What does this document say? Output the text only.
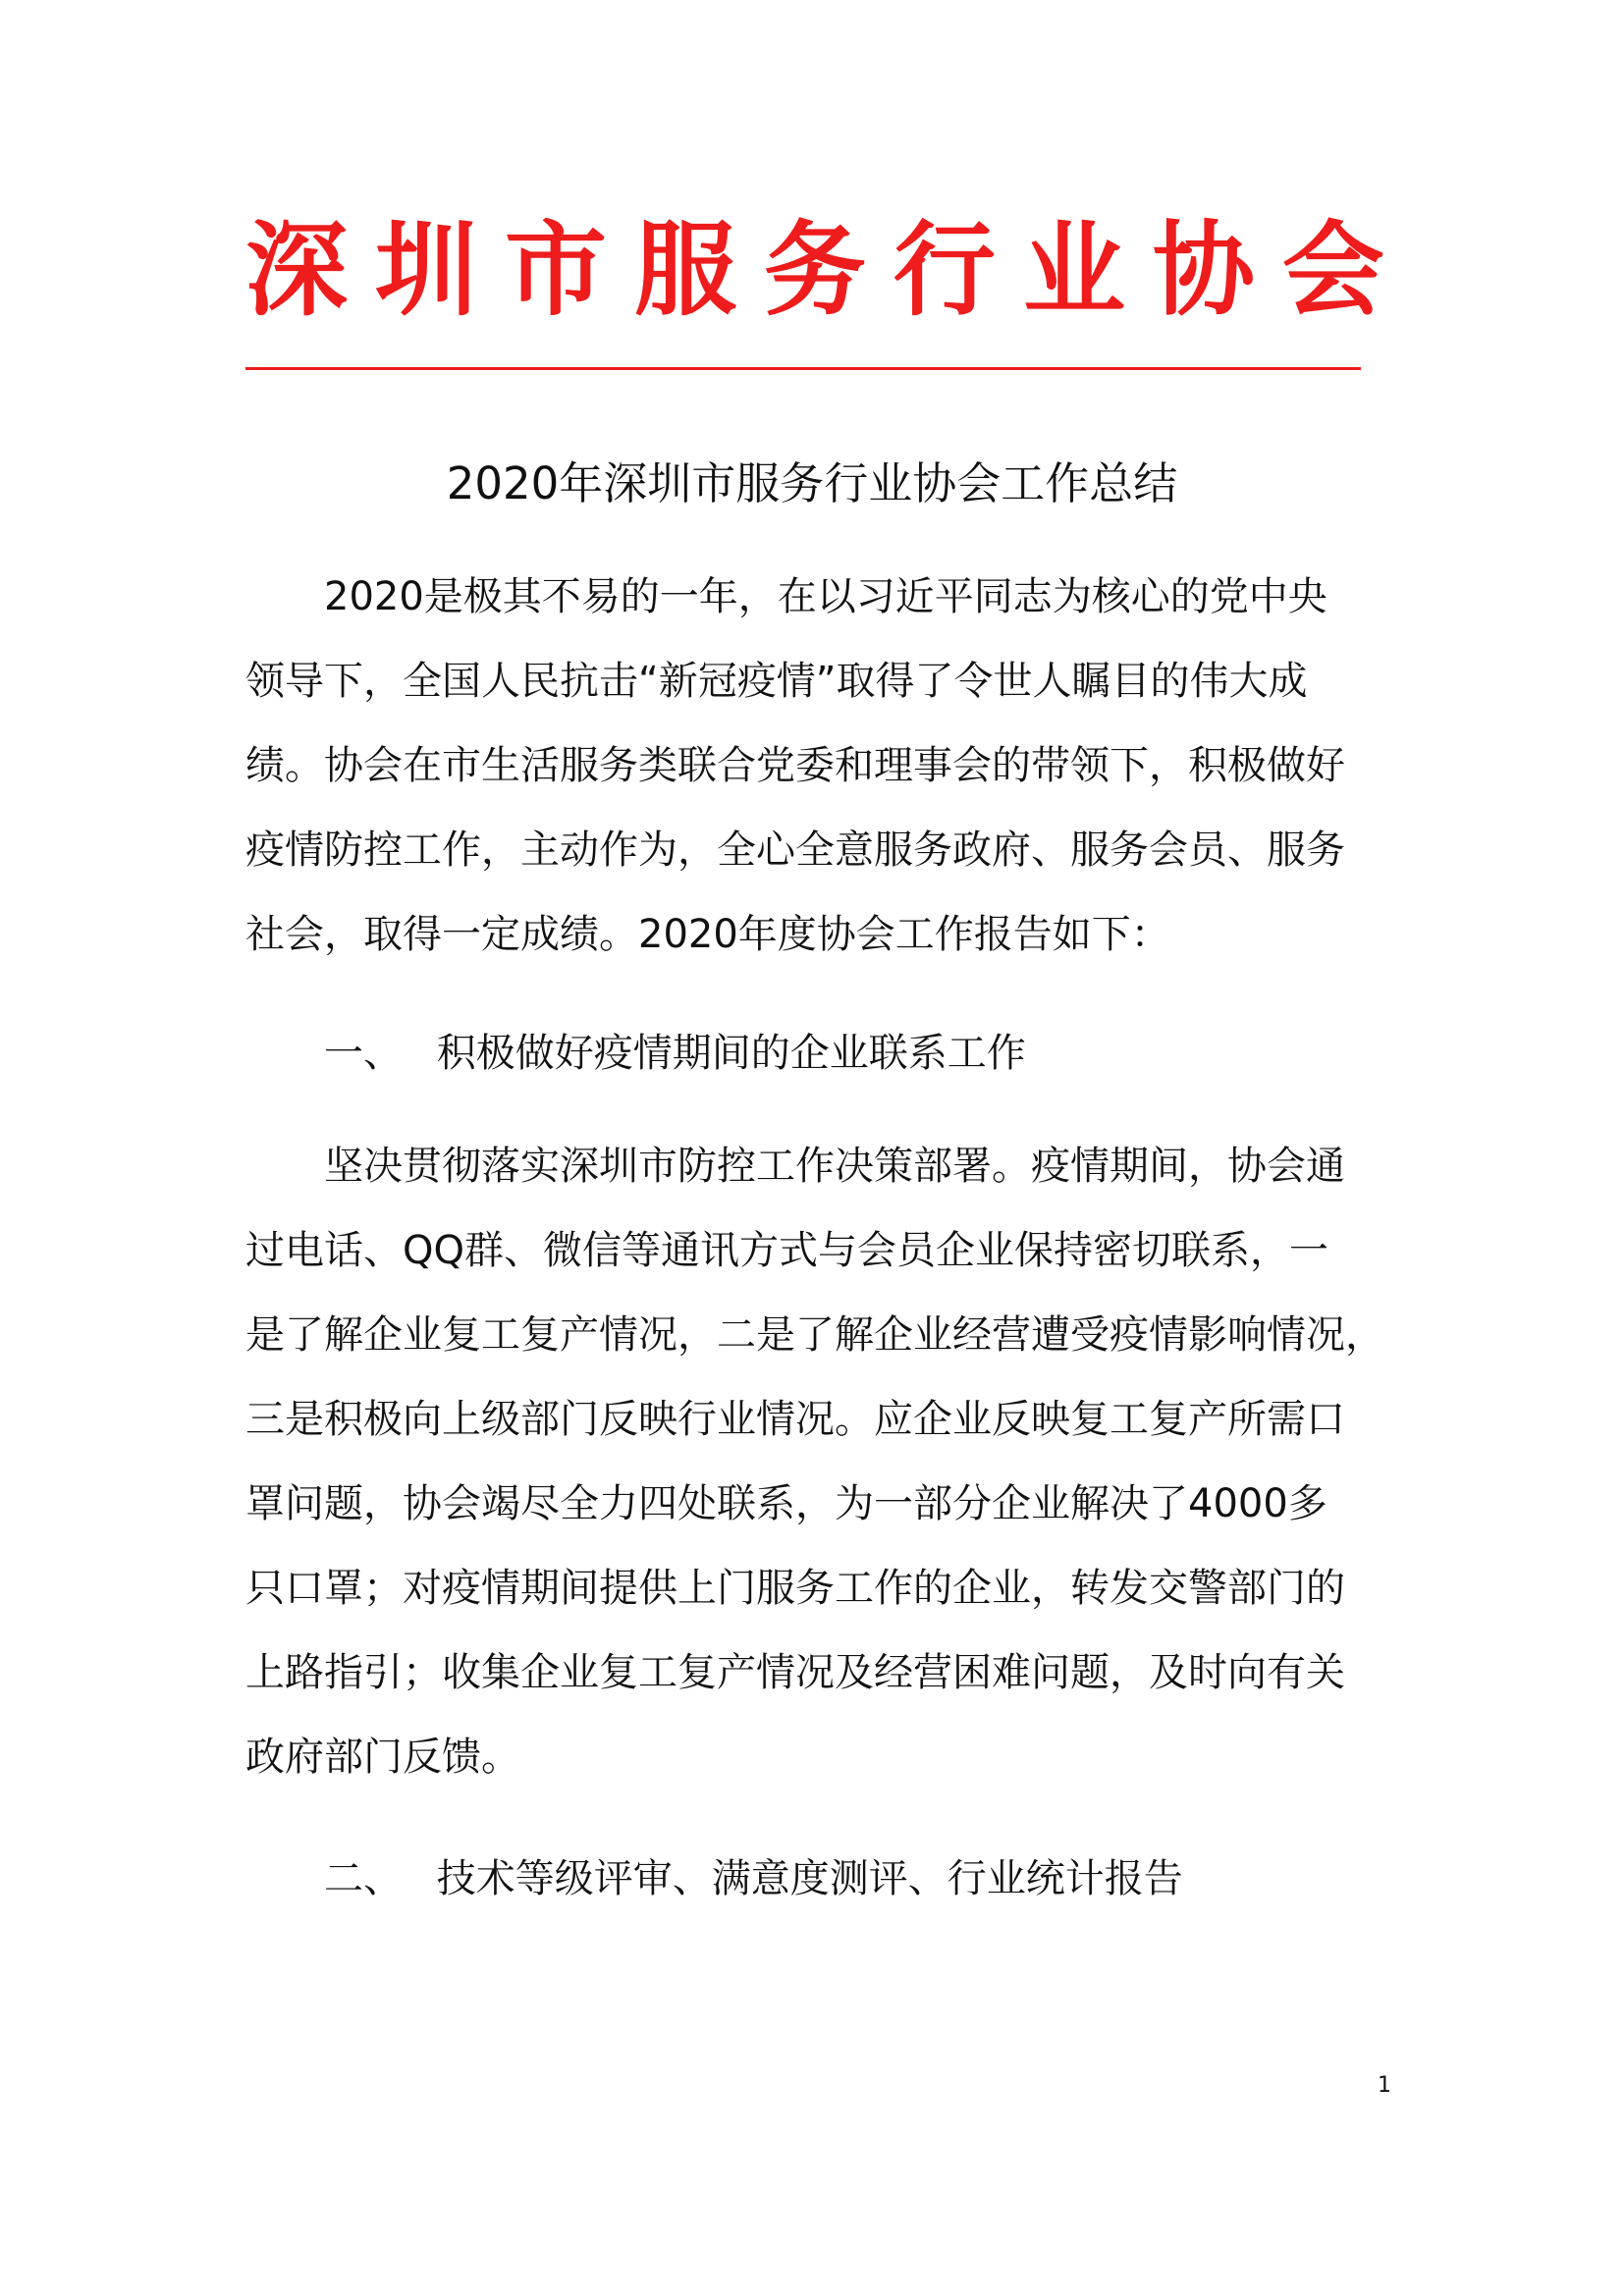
深 圳 市 服 务 行 业 协 会
2020年深圳市服务行业协会工作总结
2020是极其不易的一年，在以习近平同志为核心的党中央
领导下，全国人民抗击“新冠疫情”取得了令世人瞩目的伟大成
绩。协会在市生活服务类联合党委和理事会的带领下，积极做好
疫情防控工作，主动作为，全心全意服务政府、服务会员、服务
社会，取得一定成绩。2020年度协会工作报告如下：
一、 积极做好疫情期间的企业联系工作
坚决贯彻落实深圳市防控工作决策部署。疫情期间，协会通
过电话、QQ群、微信等通讯方式与会员企业保持密切联系，一
是了解企业复工复产情况，二是了解企业经营遭受疫情影响情况，
三是积极向上级部门反映行业情况。应企业反映复工复产所需口
罩问题，协会竭尽全力四处联系，为一部分企业解决了4000多
只口罩；对疫情期间提供上门服务工作的企业，转发交警部门的
上路指引；收集企业复工复产情况及经营困难问题，及时向有关
政府部门反馈。
二、 技术等级评审、满意度测评、行业统计报告
1
